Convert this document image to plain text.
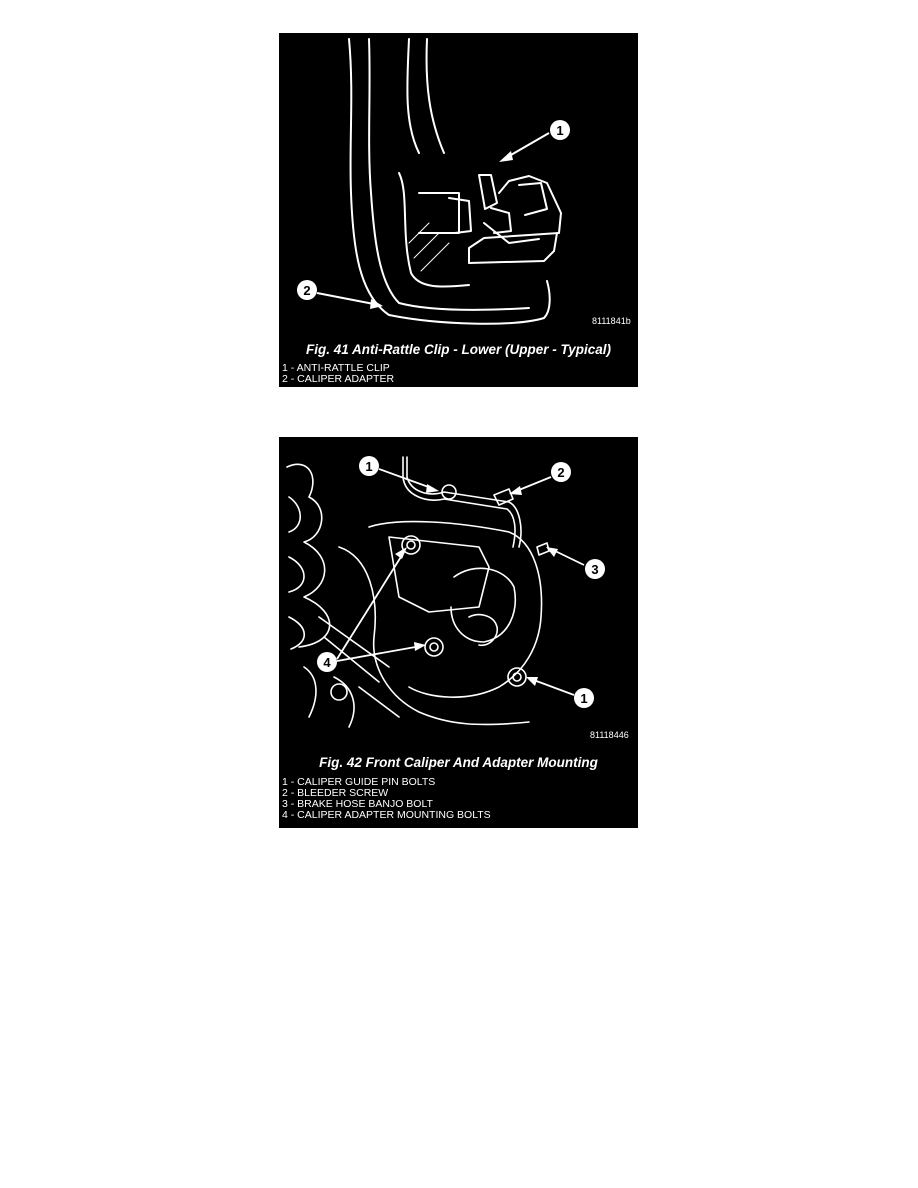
1
2
8111841b
Fig. 41 Anti-Rattle Clip - Lower (Upper - Typical)
1 - ANTI-RATTLE CLIP
2 - CALIPER ADAPTER
1	2
3
4
1
81118446
Fig. 42 Front Caliper And Adapter Mounting
1 - CALIPER GUIDE PIN BOLTS
2 - BLEEDER SCREW
3 - BRAKE HOSE BANJO BOLT
4 - CALIPER ADAPTER MOUNTING BOLTS
